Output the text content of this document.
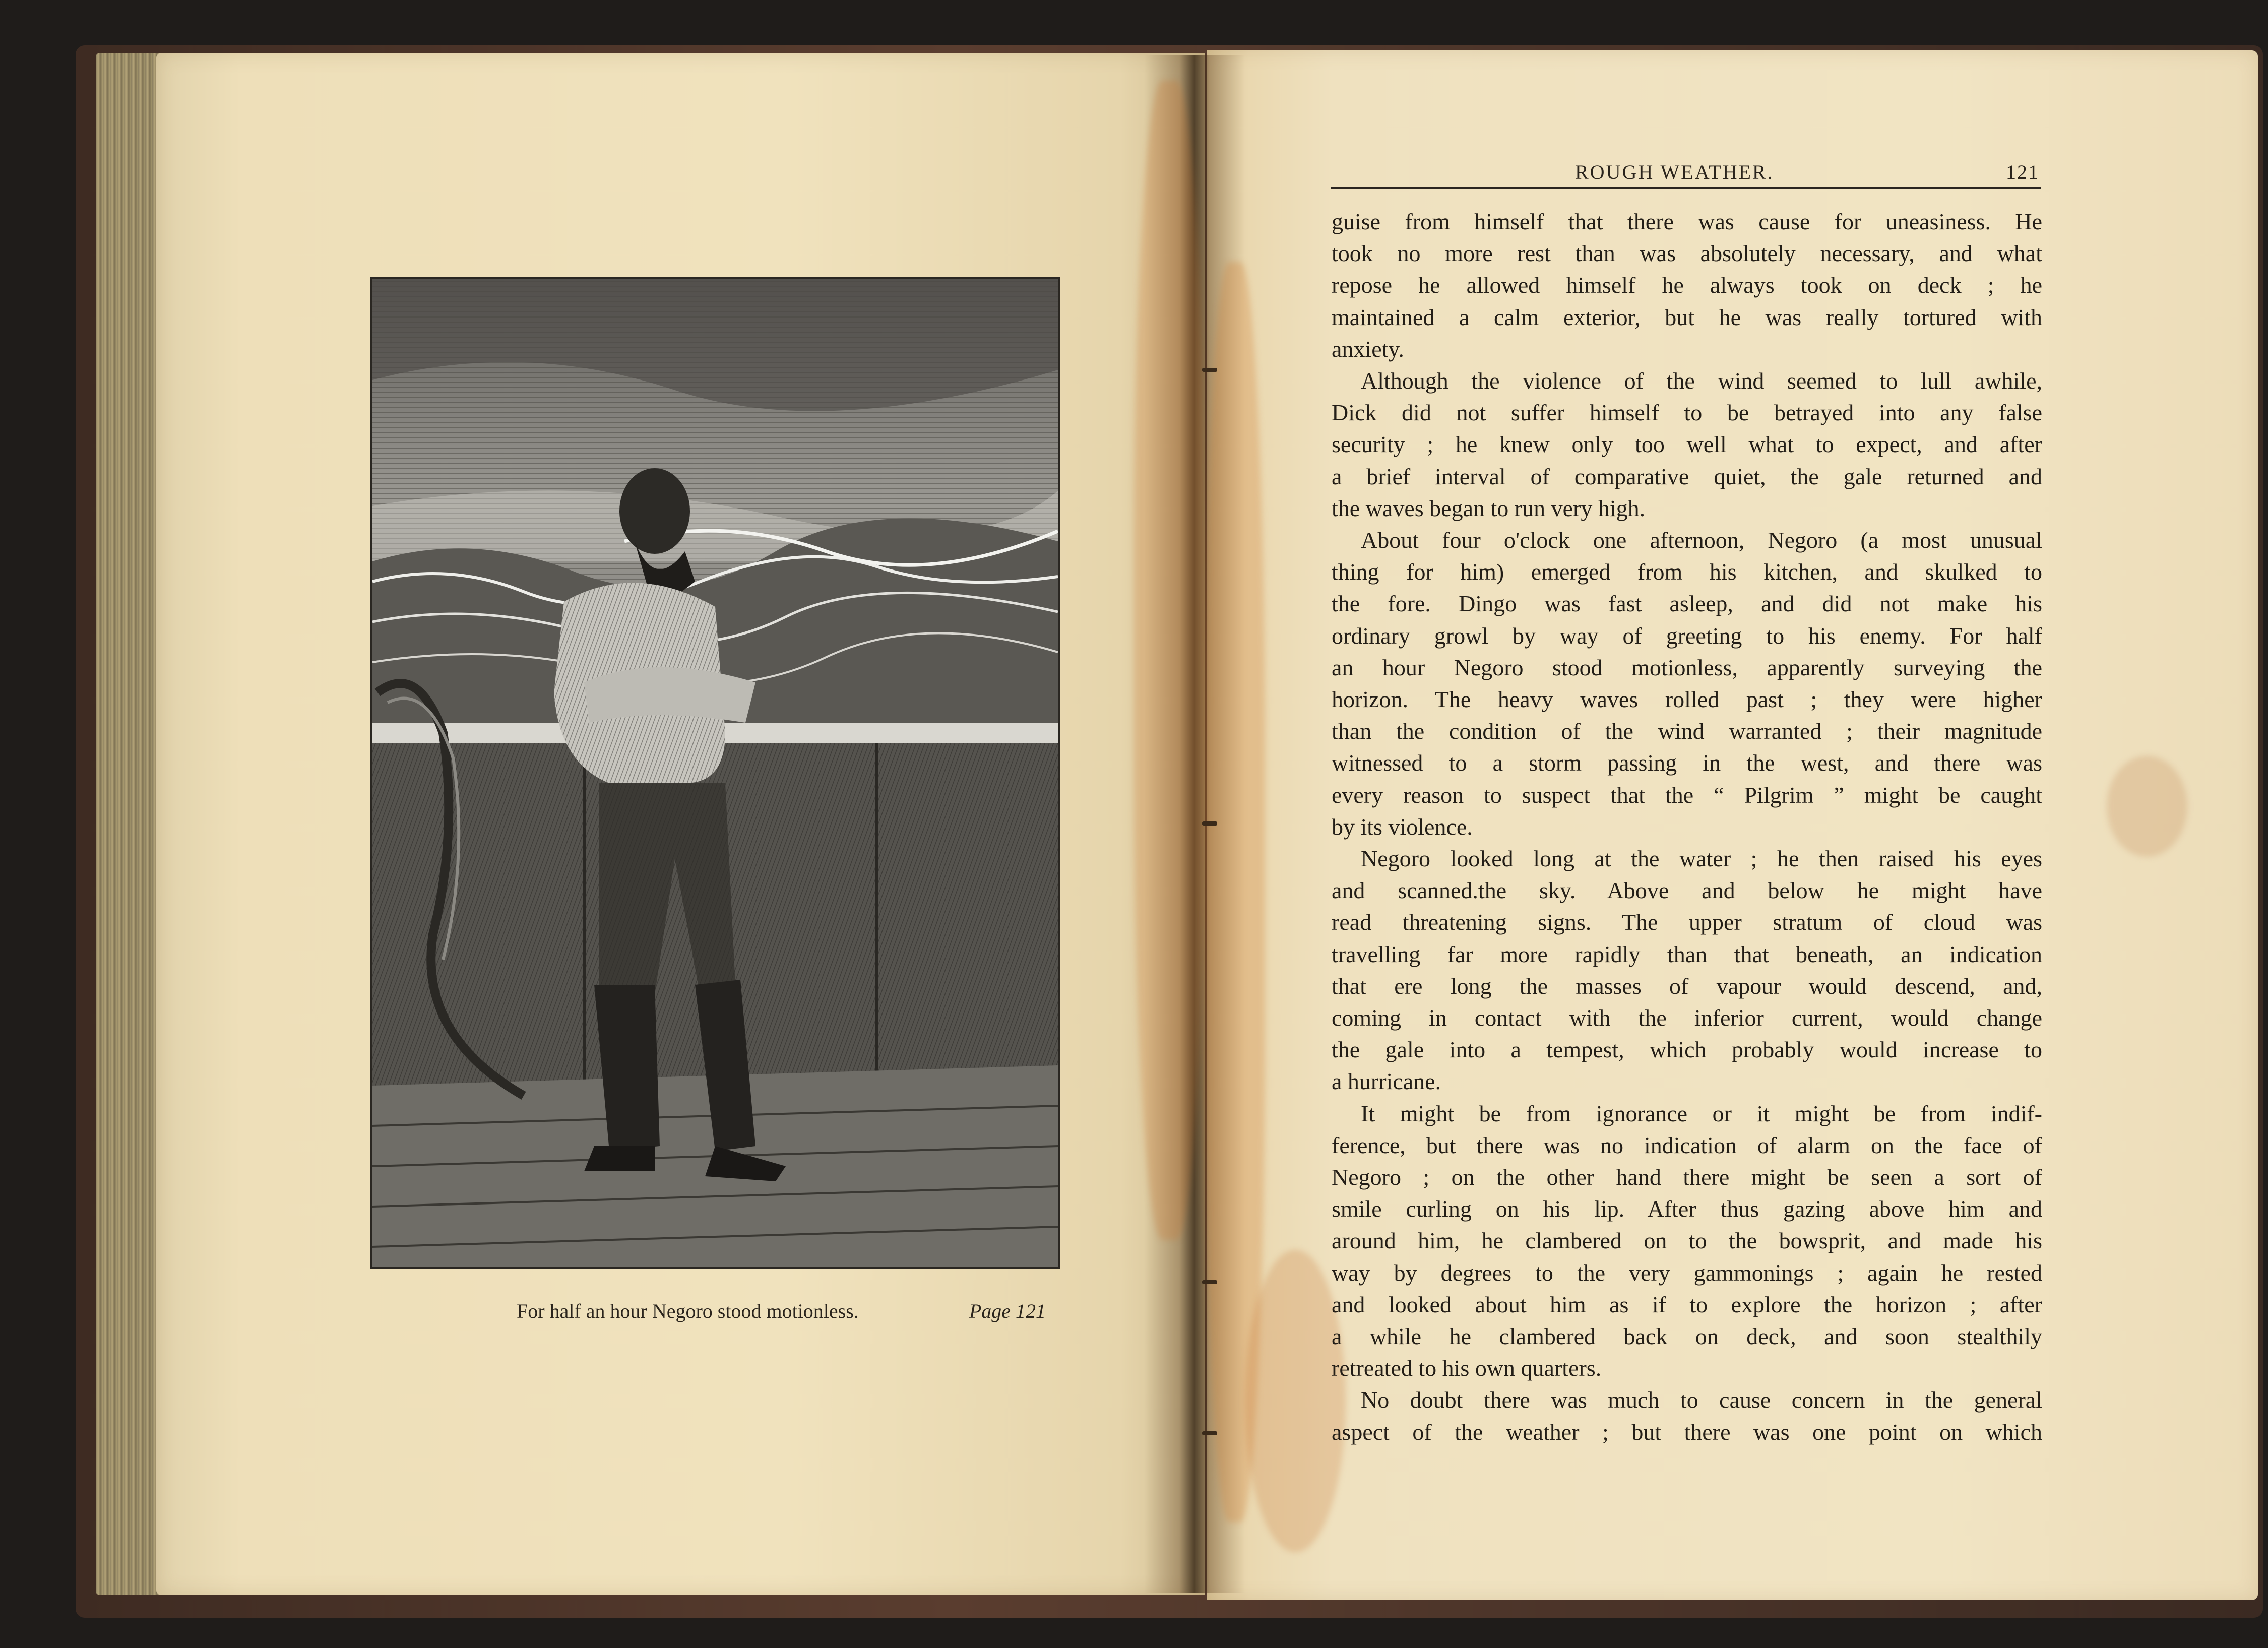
For half an hour Negoro stood motionless.	Page 121
ROUGH WEATHER.	121
guise from himself that there was cause for uneasiness. He
took no more rest than was absolutely necessary, and what
repose he allowed himself he always took on deck ; he
maintained a calm exterior, but he was really tortured with
anxiety.
Although the violence of the wind seemed to lull awhile,
Dick did not suffer himself to be betrayed into any false
security ; he knew only too well what to expect, and after
a brief interval of comparative quiet, the gale returned and
the waves began to run very high.
About four o'clock one afternoon, Negoro (a most unusual
thing for him) emerged from his kitchen, and skulked to
the fore. Dingo was fast asleep, and did not make his
ordinary growl by way of greeting to his enemy. For half
an hour Negoro stood motionless, apparently surveying the
horizon. The heavy waves rolled past ; they were higher
than the condition of the wind warranted ; their magnitude
witnessed to a storm passing in the west, and there was
every reason to suspect that the “ Pilgrim ” might be caught
by its violence.
Negoro looked long at the water ; he then raised his eyes
and scanned.the sky. Above and below he might have
read threatening signs. The upper stratum of cloud was
travelling far more rapidly than that beneath, an indication
that ere long the masses of vapour would descend, and,
coming in contact with the inferior current, would change
the gale into a tempest, which probably would increase to
a hurricane.
It might be from ignorance or it might be from indif-
ference, but there was no indication of alarm on the face of
Negoro ; on the other hand there might be seen a sort of
smile curling on his lip. After thus gazing above him and
around him, he clambered on to the bowsprit, and made his
way by degrees to the very gammonings ; again he rested
and looked about him as if to explore the horizon ; after
a while he clambered back on deck, and soon stealthily
retreated to his own quarters.
No doubt there was much to cause concern in the general
aspect of the weather ; but there was one point on which
